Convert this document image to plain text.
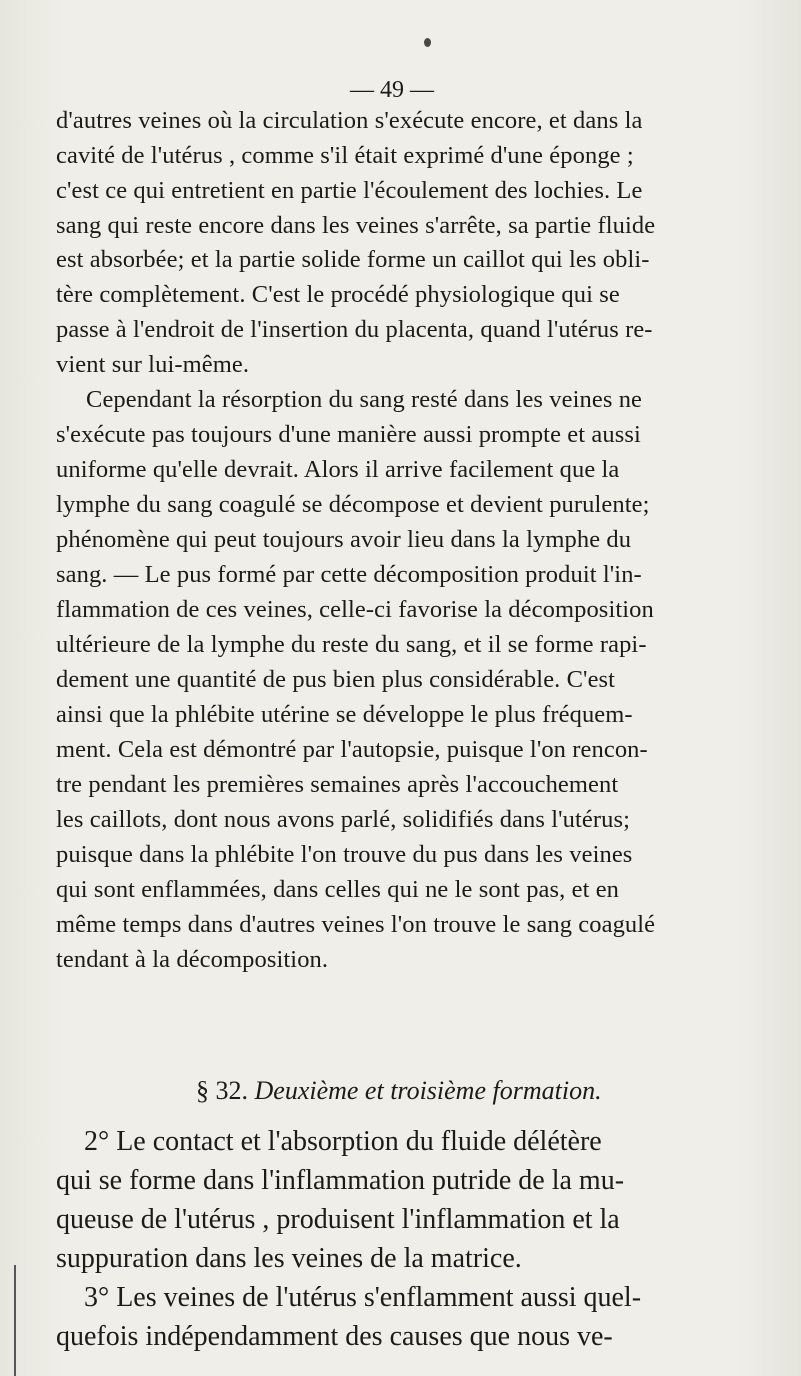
— 49 —
d'autres veines où la circulation s'exécute encore, et dans la
cavité de l'utérus , comme s'il était exprimé d'une éponge ;
c'est ce qui entretient en partie l'écoulement des lochies. Le
sang qui reste encore dans les veines s'arrête, sa partie fluide
est absorbée; et la partie solide forme un caillot qui les obli-
tère complètement. C'est le procédé physiologique qui se
passe à l'endroit de l'insertion du placenta, quand l'utérus re-
vient sur lui-même.
Cependant la résorption du sang resté dans les veines ne
s'exécute pas toujours d'une manière aussi prompte et aussi
uniforme qu'elle devrait. Alors il arrive facilement que la
lymphe du sang coagulé se décompose et devient purulente;
phénomène qui peut toujours avoir lieu dans la lymphe du
sang. — Le pus formé par cette décomposition produit l'in-
flammation de ces veines, celle-ci favorise la décomposition
ultérieure de la lymphe du reste du sang, et il se forme rapi-
dement une quantité de pus bien plus considérable. C'est
ainsi que la phlébite utérine se développe le plus fréquem-
ment. Cela est démontré par l'autopsie, puisque l'on rencon-
tre pendant les premières semaines après l'accouchement
les caillots, dont nous avons parlé, solidifiés dans l'utérus;
puisque dans la phlébite l'on trouve du pus dans les veines
qui sont enflammées, dans celles qui ne le sont pas, et en
même temps dans d'autres veines l'on trouve le sang coagulé
tendant à la décomposition.
§ 32. Deuxième et troisième formation.
2° Le contact et l'absorption du fluide délétère
qui se forme dans l'inflammation putride de la mu-
queuse de l'utérus , produisent l'inflammation et la
suppuration dans les veines de la matrice.
3° Les veines de l'utérus s'enflamment aussi quel-
quefois indépendamment des causes que nous ve-
